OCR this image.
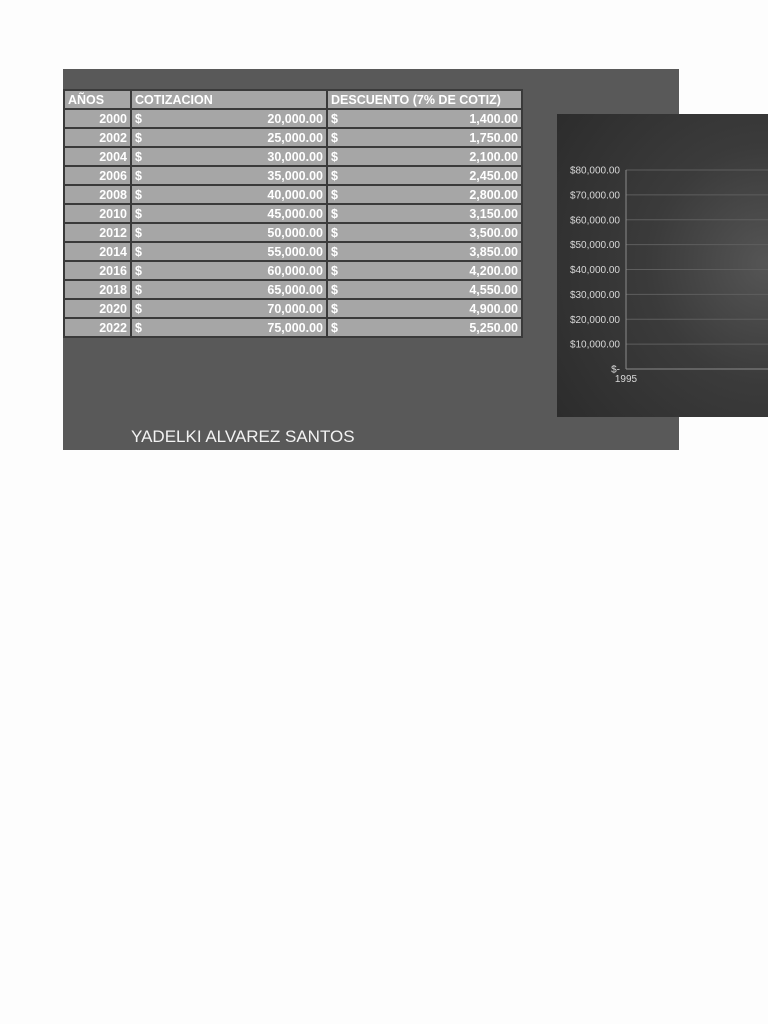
AÑOS	COTIZACION	DESCUENTO (7% DE COTIZ)
2000	$ 20,000.00	$ 1,400.00

2002	$ 25,000.00	$ 1,750.00

2004	$ 30,000.00	$ 2,100.00

2006	$ 35,000.00	$ 2,450.00

2008	$ 40,000.00	$ 2,800.00

2010	$ 45,000.00	$ 3,150.00

2012	$ 50,000.00	$ 3,500.00

2014	$ 55,000.00	$ 3,850.00

2016	$ 60,000.00	$ 4,200.00

2018	$ 65,000.00	$ 4,550.00

2020	$ 70,000.00	$ 4,900.00

2022	$ 75,000.00	$ 5,250.00
YADELKI ALVAREZ SANTOS
$-
$10,000.00
$20,000.00
$30,000.00
$40,000.00
$50,000.00
$60,000.00
$70,000.00
$80,000.00
1995
